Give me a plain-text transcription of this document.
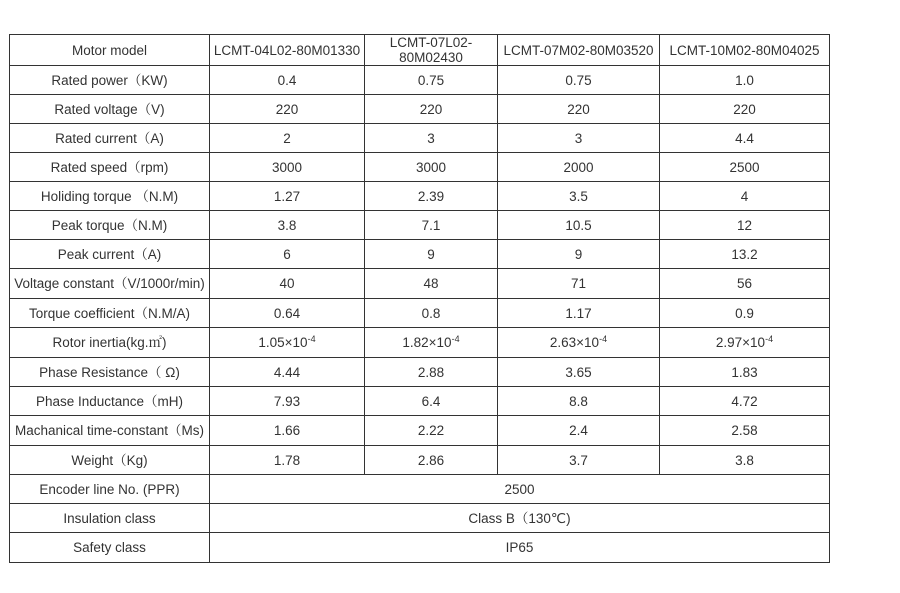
Motor model	LCMT-04L02-80M01330	LCMT-07L02-80M02430	LCMT-07M02-80M03520	LCMT-10M02-80M04025
Rated power（KW)	0.4	0.75	0.75	1.0
Rated voltage（V)	220	220	220	220
Rated current（A)	2	3	3	4.4
Rated speed（rpm)	3000	3000	2000	2500
Holiding torque （N.M)	1.27	2.39	3.5	4
Peak torque（N.M)	3.8	7.1	10.5	12
Peak current（A)	6	9	9	13.2
Voltage constant（V/1000r/min)	40	48	71	56
Torque coefficient（N.M/A)	0.64	0.8	1.17	0.9
Rotor inertia(kg.㎡)	$1.05\times 10^{-4}$	$1.82\times 10^{-4}$	$2.63\times 10^{-4}$	$2.97\times 10^{-4}$
Phase Resistance（ Ω)	4.44	2.88	3.65	1.83
Phase Inductance（mH)	7.93	6.4	8.8	4.72
Machanical time-constant（Ms)	1.66	2.22	2.4	2.58
Weight（Kg)	1.78	2.86	3.7	3.8
Encoder line No. (PPR)	2500			
Insulation class	Class B（130℃)			
Safety class	IP65			
